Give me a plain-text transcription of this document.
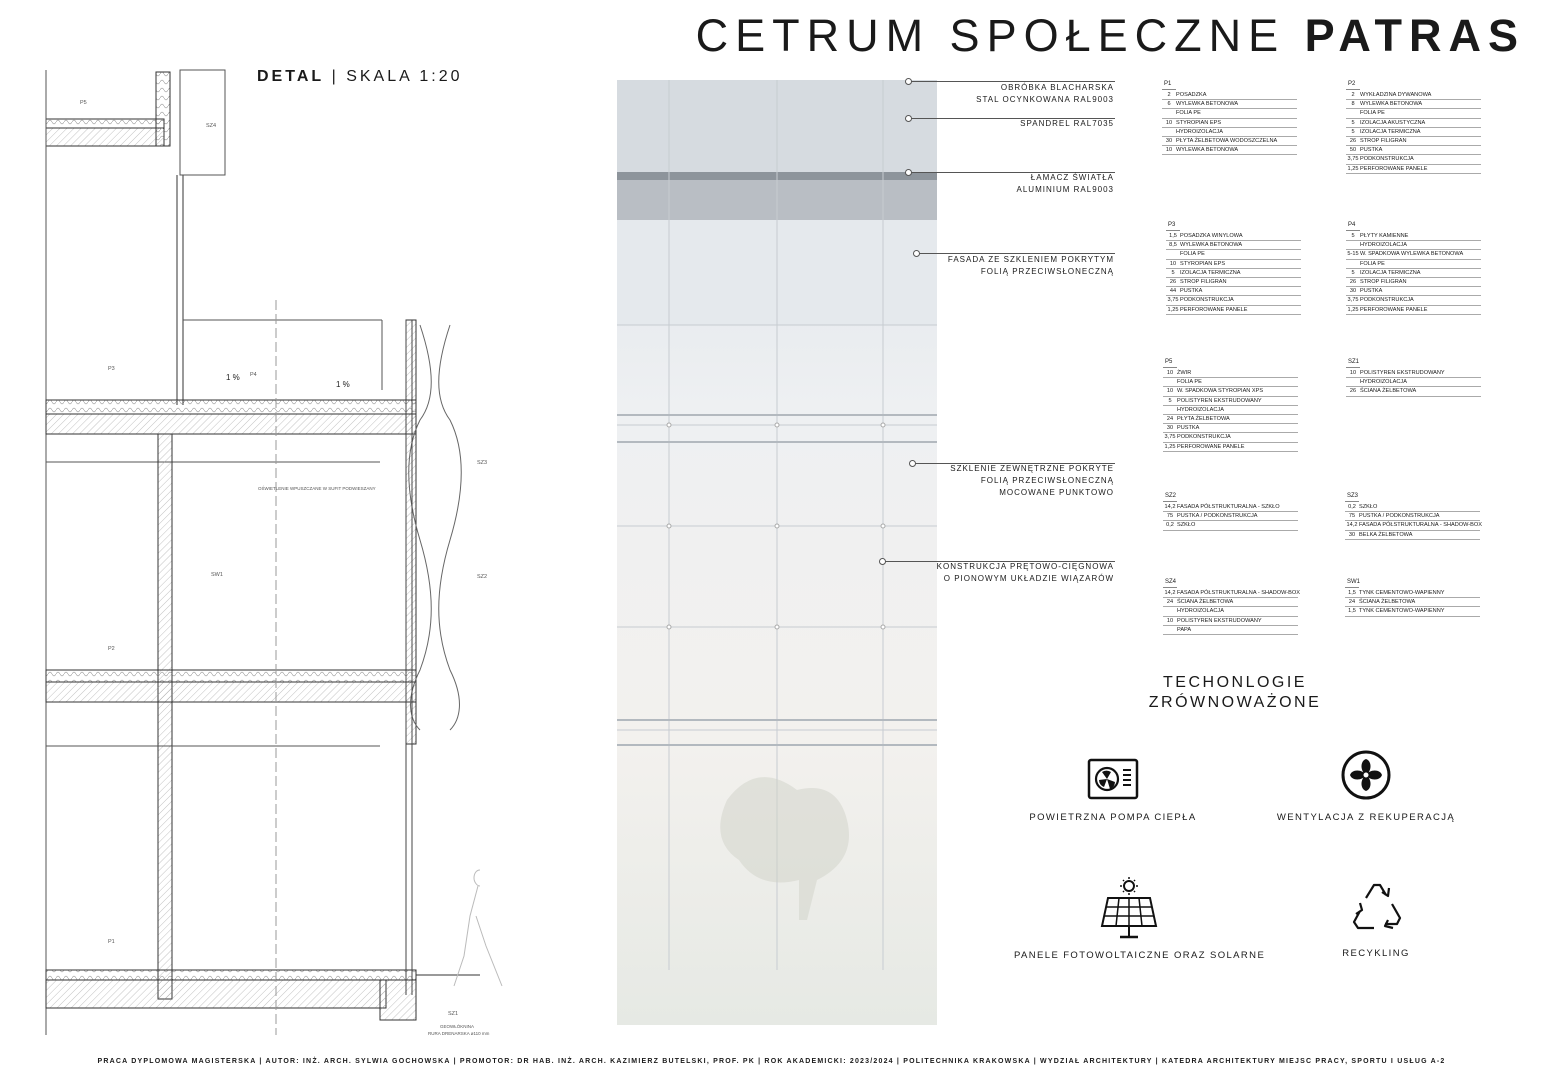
CETRUM SPOŁECZNE PATRAS
DETAL | SKALA 1:20
P5
SZ4
P3
P4
SZ3
SZ2
SW1
P2
P1
SZ1
OŚWIETLENIE WPUSZCZANE W SUFIT PODWIESZANY
RURA DRENARSKA ø110 mm
GEOWŁÓKNINA
1 %
1 %
OBRÓBKA BLACHARSKA
STAL OCYNKOWANA RAL9003
SPANDREL RAL7035
ŁAMACZ ŚWIATŁA
ALUMINIUM RAL9003
FASADA ZE SZKLENIEM POKRYTYM
FOLIĄ PRZECIWSŁONECZNĄ
SZKLENIE ZEWNĘTRZNE POKRYTE
FOLIĄ PRZECIWSŁONECZNĄ
MOCOWANE PUNKTOWO
KONSTRUKCJA PRĘTOWO-CIĘGNOWA
O PIONOWYM UKŁADZIE WIĄZARÓW
P1
2 POSADZKA
6 WYLEWKA BETONOWA
FOLIA PE
10 STYROPIAN EPS
HYDROIZOLACJA
30 PŁYTA ŻELBETOWA WODOSZCZELNA
10 WYLEWKA BETONOWA
P2
2 WYKŁADZINA DYWANOWA
8 WYLEWKA BETONOWA
FOLIA PE
5 IZOLACJA AKUSTYCZNA
5 IZOLACJA TERMICZNA
26 STROP FILIGRAN
50 PUSTKA
3,75 PODKONSTRUKCJA
1,25 PERFOROWANE PANELE
P3
1,5 POSADZKA WINYLOWA
8,5 WYLEWKA BETONOWA
FOLIA PE
10 STYROPIAN EPS
5 IZOLACJA TERMICZNA
26 STROP FILIGRAN
44 PUSTKA
3,75 PODKONSTRUKCJA
1,25 PERFOROWANE PANELE
P4
5 PŁYTY KAMIENNE
HYDROIZOLACJA
5-15 W. SPADKOWA WYLEWKA BETONOWA
FOLIA PE
5 IZOLACJA TERMICZNA
26 STROP FILIGRAN
30 PUSTKA
3,75 PODKONSTRUKCJA
1,25 PERFOROWANE PANELE
P5
10 ŻWIR
FOLIA PE
10 W. SPADKOWA STYROPIAN XPS
5 POLISTYREN EKSTRUDOWANY
HYDROIZOLACJA
24 PŁYTA ŻELBETOWA
30 PUSTKA
3,75 PODKONSTRUKCJA
1,25 PERFOROWANE PANELE
SZ1
10 POLISTYREN EKSTRUDOWANY
HYDROIZOLACJA
26 ŚCIANA ŻELBETOWA
SZ2
14,2 FASADA PÓŁSTRUKTURALNA - SZKŁO
75 PUSTKA / PODKONSTRUKCJA
0,2 SZKŁO
SZ3
0,2 SZKŁO
75 PUSTKA / PODKONSTRUKCJA
14,2 FASADA PÓŁSTRUKTURALNA - SHADOW-BOX
30 BELKA ŻELBETOWA
SZ4
14,2 FASADA PÓŁSTRUKTURALNA - SHADOW-BOX
24 ŚCIANA ŻELBETOWA
HYDROIZOLACJA
10 POLISTYREN EKSTRUDOWANY
PAPA
SW1
1,5 TYNK CEMENTOWO-WAPIENNY
24 ŚCIANA ŻELBETOWA
1,5 TYNK CEMENTOWO-WAPIENNY
TECHONLOGIE ZRÓWNOWAŻONE
POWIETRZNA POMPA CIEPŁA	WENTYLACJA Z REKUPERACJĄ
PANELE FOTOWOLTAICZNE ORAZ SOLARNE	RECYKLING
PRACA DYPLOMOWA MAGISTERSKA | AUTOR: INŻ. ARCH. SYLWIA GOCHOWSKA | PROMOTOR: DR HAB. INŻ. ARCH. KAZIMIERZ BUTELSKI, PROF. PK | ROK AKADEMICKI: 2023/2024 | POLITECHNIKA KRAKOWSKA | WYDZIAŁ ARCHITEKTURY | KATEDRA ARCHITEKTURY MIEJSC PRACY, SPORTU I USŁUG A-2
